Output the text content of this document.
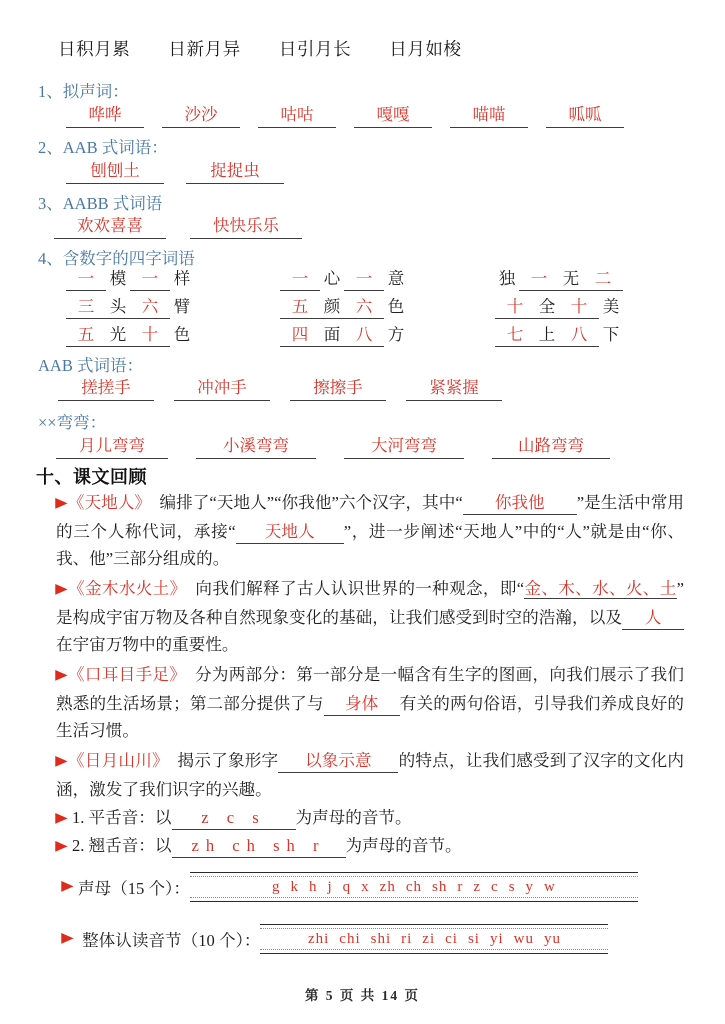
日积月累 日新月异 日引月长 日月如梭
1、拟声词：
哗哗	沙沙	咕咕	嘎嘎	喵喵	呱呱
2、AAB 式词语：
刨刨土	捉捉虫
3、AABB 式词语
欢欢喜喜	快快乐乐
4、含数字的四字词语
一 模 一 样	一 心 一 意	独 一 无 二
三 头 六 臂	五 颜 六 色	十 全 十 美
五 光 十 色	四 面 八 方	七 上 八 下
AAB 式词语：
搓搓手	冲冲手	擦擦手	紧紧握
××弯弯：
月儿弯弯	小溪弯弯	大河弯弯	山路弯弯
十、课文回顾
▶《天地人》 编排了“天地人”“你我他”六个汉字，其中“ 你我他 ”是生活中常用的三个人称代词，承接“ 天地人 ”，进一步阐述“天地人”中的“人”就是由“你、我、他”三部分组成的。
▶《金木水火土》 向我们解释了古人认识世界的一种观念，即“金、木、水、火、土”是构成宇宙万物及各种自然现象变化的基础，让我们感受到时空的浩瀚，以及 人在宇宙万物中的重要性。
▶《口耳目手足》 分为两部分：第一部分是一幅含有生字的图画，向我们展示了我们熟悉的生活场景；第二部分提供了与 身体 有关的两句俗语，引导我们养成良好的生活习惯。
▶《日月山川》 揭示了象形字 以象示意 的特点，让我们感受到了汉字的文化内涵，激发了我们识字的兴趣。
▶ 1. 平舌音：以 z c s 为声母的音节。
▶ 2. 翘舌音：以 zh ch sh r 为声母的音节。
▶ 声母（15 个）：	g k h j q x zh ch sh r z c s y w
▶ 整体认读音节（10 个）：	zhi chi shi ri zi ci si yi wu yu
第 5 页 共 14 页
